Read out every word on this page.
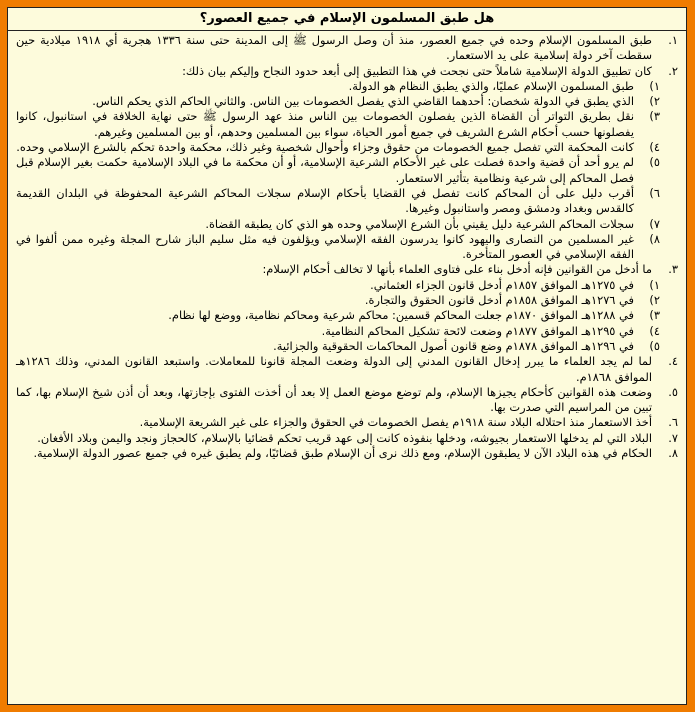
هل طبق المسلمون الإسلام في جميع العصور؟
١.
طبق المسلمون الإسلام وحده في جميع العصور، منذ أن وصل الرسول ﷺ إلى المدينة حتى سنة ١٣٣٦ هجرية أي ١٩١٨ ميلادية حين سقطت آخر دولة إسلامية على يد الاستعمار.
٢.
كان تطبيق الدولة الإسلامية شاملاً حتى نجحت في هذا التطبيق إلى أبعد حدود النجاح وإليكم بيان ذلك:
١)
طبق المسلمون الإسلام عمليًا، والذي يطبق النظام هو الدولة.
٢)
الذي يطبق في الدولة شخصان: أحدهما القاضي الذي يفصل الخصومات بين الناس. والثاني الحاكم الذي يحكم الناس.
٣)
نقل بطريق التواتر أن القضاة الذين يفصلون الخصومات بين الناس منذ عهد الرسول ﷺ حتى نهاية الخلافة في استانبول، كانوا يفصلونها حسب أحكام الشرع الشريف في جميع أمور الحياة، سواء بين المسلمين وحدهم، أو بين المسلمين وغيرهم.
٤)
كانت المحكمة التي تفصل جميع الخصومات من حقوق وجزاء وأحوال شخصية وغير ذلك، محكمة واحدة تحكم بالشرع الإسلامي وحده.
٥)
لم يرو أحد أن قضية واحدة فصلت على غير الأحكام الشرعية الإسلامية، أو أن محكمة ما في البلاد الإسلامية حكمت بغير الإسلام قبل فصل المحاكم إلى شرعية ونظامية بتأثير الاستعمار.
٦)
أقرب دليل على أن المحاكم كانت تفصل في القضايا بأحكام الإسلام سجلات المحاكم الشرعية المحفوظة في البلدان القديمة كالقدس وبغداد ودمشق ومصر واستانبول وغيرها.
٧)
سجلات المحاكم الشرعية دليل يقيني بأن الشرع الإسلامي وحده هو الذي كان يطبقه القضاة.
٨)
غير المسلمين من النصارى واليهود كانوا يدرسون الفقه الإسلامي ويؤلفون فيه مثل سليم الباز شارح المجلة وغيره ممن ألفوا في الفقه الإسلامي في العصور المتأخرة.
٣.
ما أدخل من القوانين فإنه أدخل بناء على فتاوى العلماء بأنها لا تخالف أحكام الإسلام:
١)
في ١٢٧٥هـ الموافق ١٨٥٧م أدخل قانون الجزاء العثماني.
٢)
في ١٢٧٦هـ الموافق ١٨٥٨م أدخل قانون الحقوق والتجارة.
٣)
في ١٢٨٨هـ الموافق ١٨٧٠م جعلت المحاكم قسمين: محاكم شرعية ومحاكم نظامية، ووضع لها نظام.
٤)
في ١٢٩٥هـ الموافق ١٨٧٧م وضعت لائحة تشكيل المحاكم النظامية.
٥)
في ١٢٩٦هـ الموافق ١٨٧٨م وضع قانون أصول المحاكمات الحقوقية والجزائية.
٤.
لما لم يجد العلماء ما يبرر إدخال القانون المدني إلى الدولة وضعت المجلة قانونا للمعاملات. واستبعد القانون المدني، وذلك ١٢٨٦هـ الموافق ١٨٦٨م.
٥.
وضعت هذه القوانين كأحكام يجيزها الإسلام، ولم توضع موضع العمل إلا بعد أن أخذت الفتوى بإجازتها، وبعد أن أذن شيخ الإسلام بها، كما تبين من المراسيم التي صدرت بها.
٦.
أخذ الاستعمار منذ احتلاله البلاد سنة ١٩١٨م يفصل الخصومات في الحقوق والجزاء على غير الشريعة الإسلامية.
٧.
البلاد التي لم يدخلها الاستعمار بجيوشه، ودخلها بنفوذه كانت إلى عهد قريب تحكم قضائيا بالإسلام، كالحجاز ونجد واليمن وبلاد الأفغان.
٨.
الحكام في هذه البلاد الآن لا يطبقون الإسلام، ومع ذلك نرى أن الإسلام طبق قضائيًا، ولم يطبق غيره في جميع عصور الدولة الإسلامية.
